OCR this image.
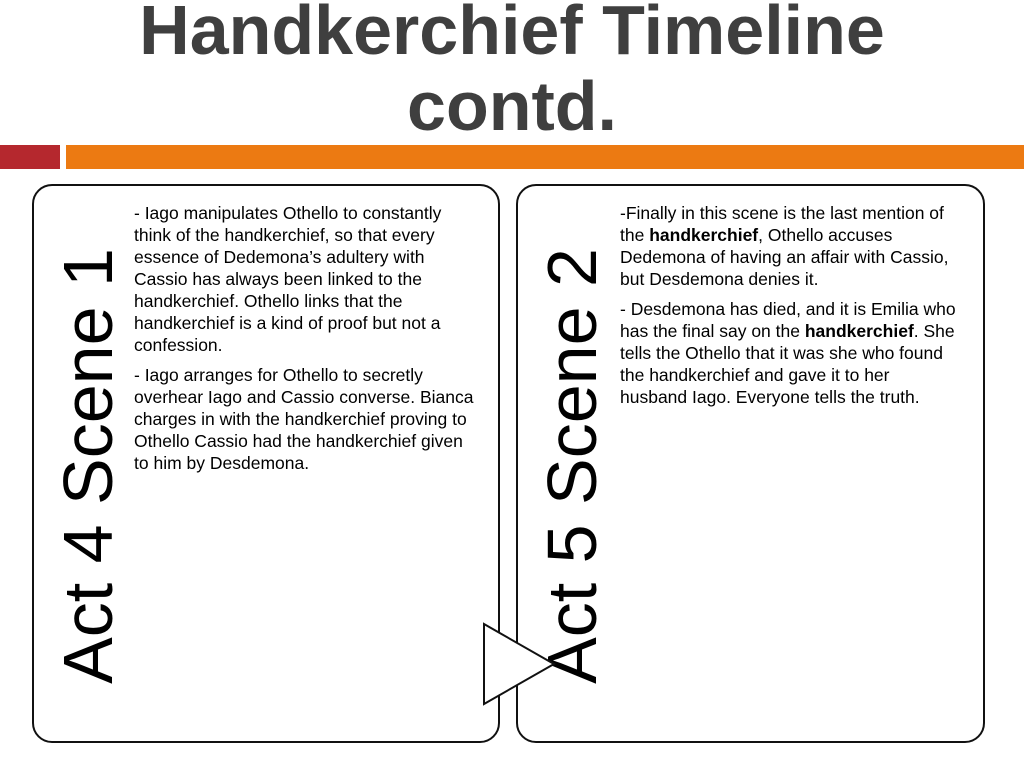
Handkerchief Timeline
contd.
Act 4 Scene 1

- Iago manipulates Othello to constantly think of the handkerchief, so that every essence of Dedemona’s adultery with Cassio has always been linked to the handkerchief. Othello links that the handkerchief is a kind of proof but not a confession.

- Iago arranges for Othello to secretly overhear Iago and Cassio converse. Bianca charges in with the handkerchief proving to Othello Cassio had the handkerchief given to him by Desdemona.	Act 5 Scene 2

-Finally in this scene is the last mention of the handkerchief, Othello accuses Dedemona of having an affair with Cassio, but Desdemona denies it.

- Desdemona has died, and it is Emilia who has the final say on the handkerchief. She tells the Othello that it was she who found the handkerchief and gave it to her husband Iago. Everyone tells the truth.
